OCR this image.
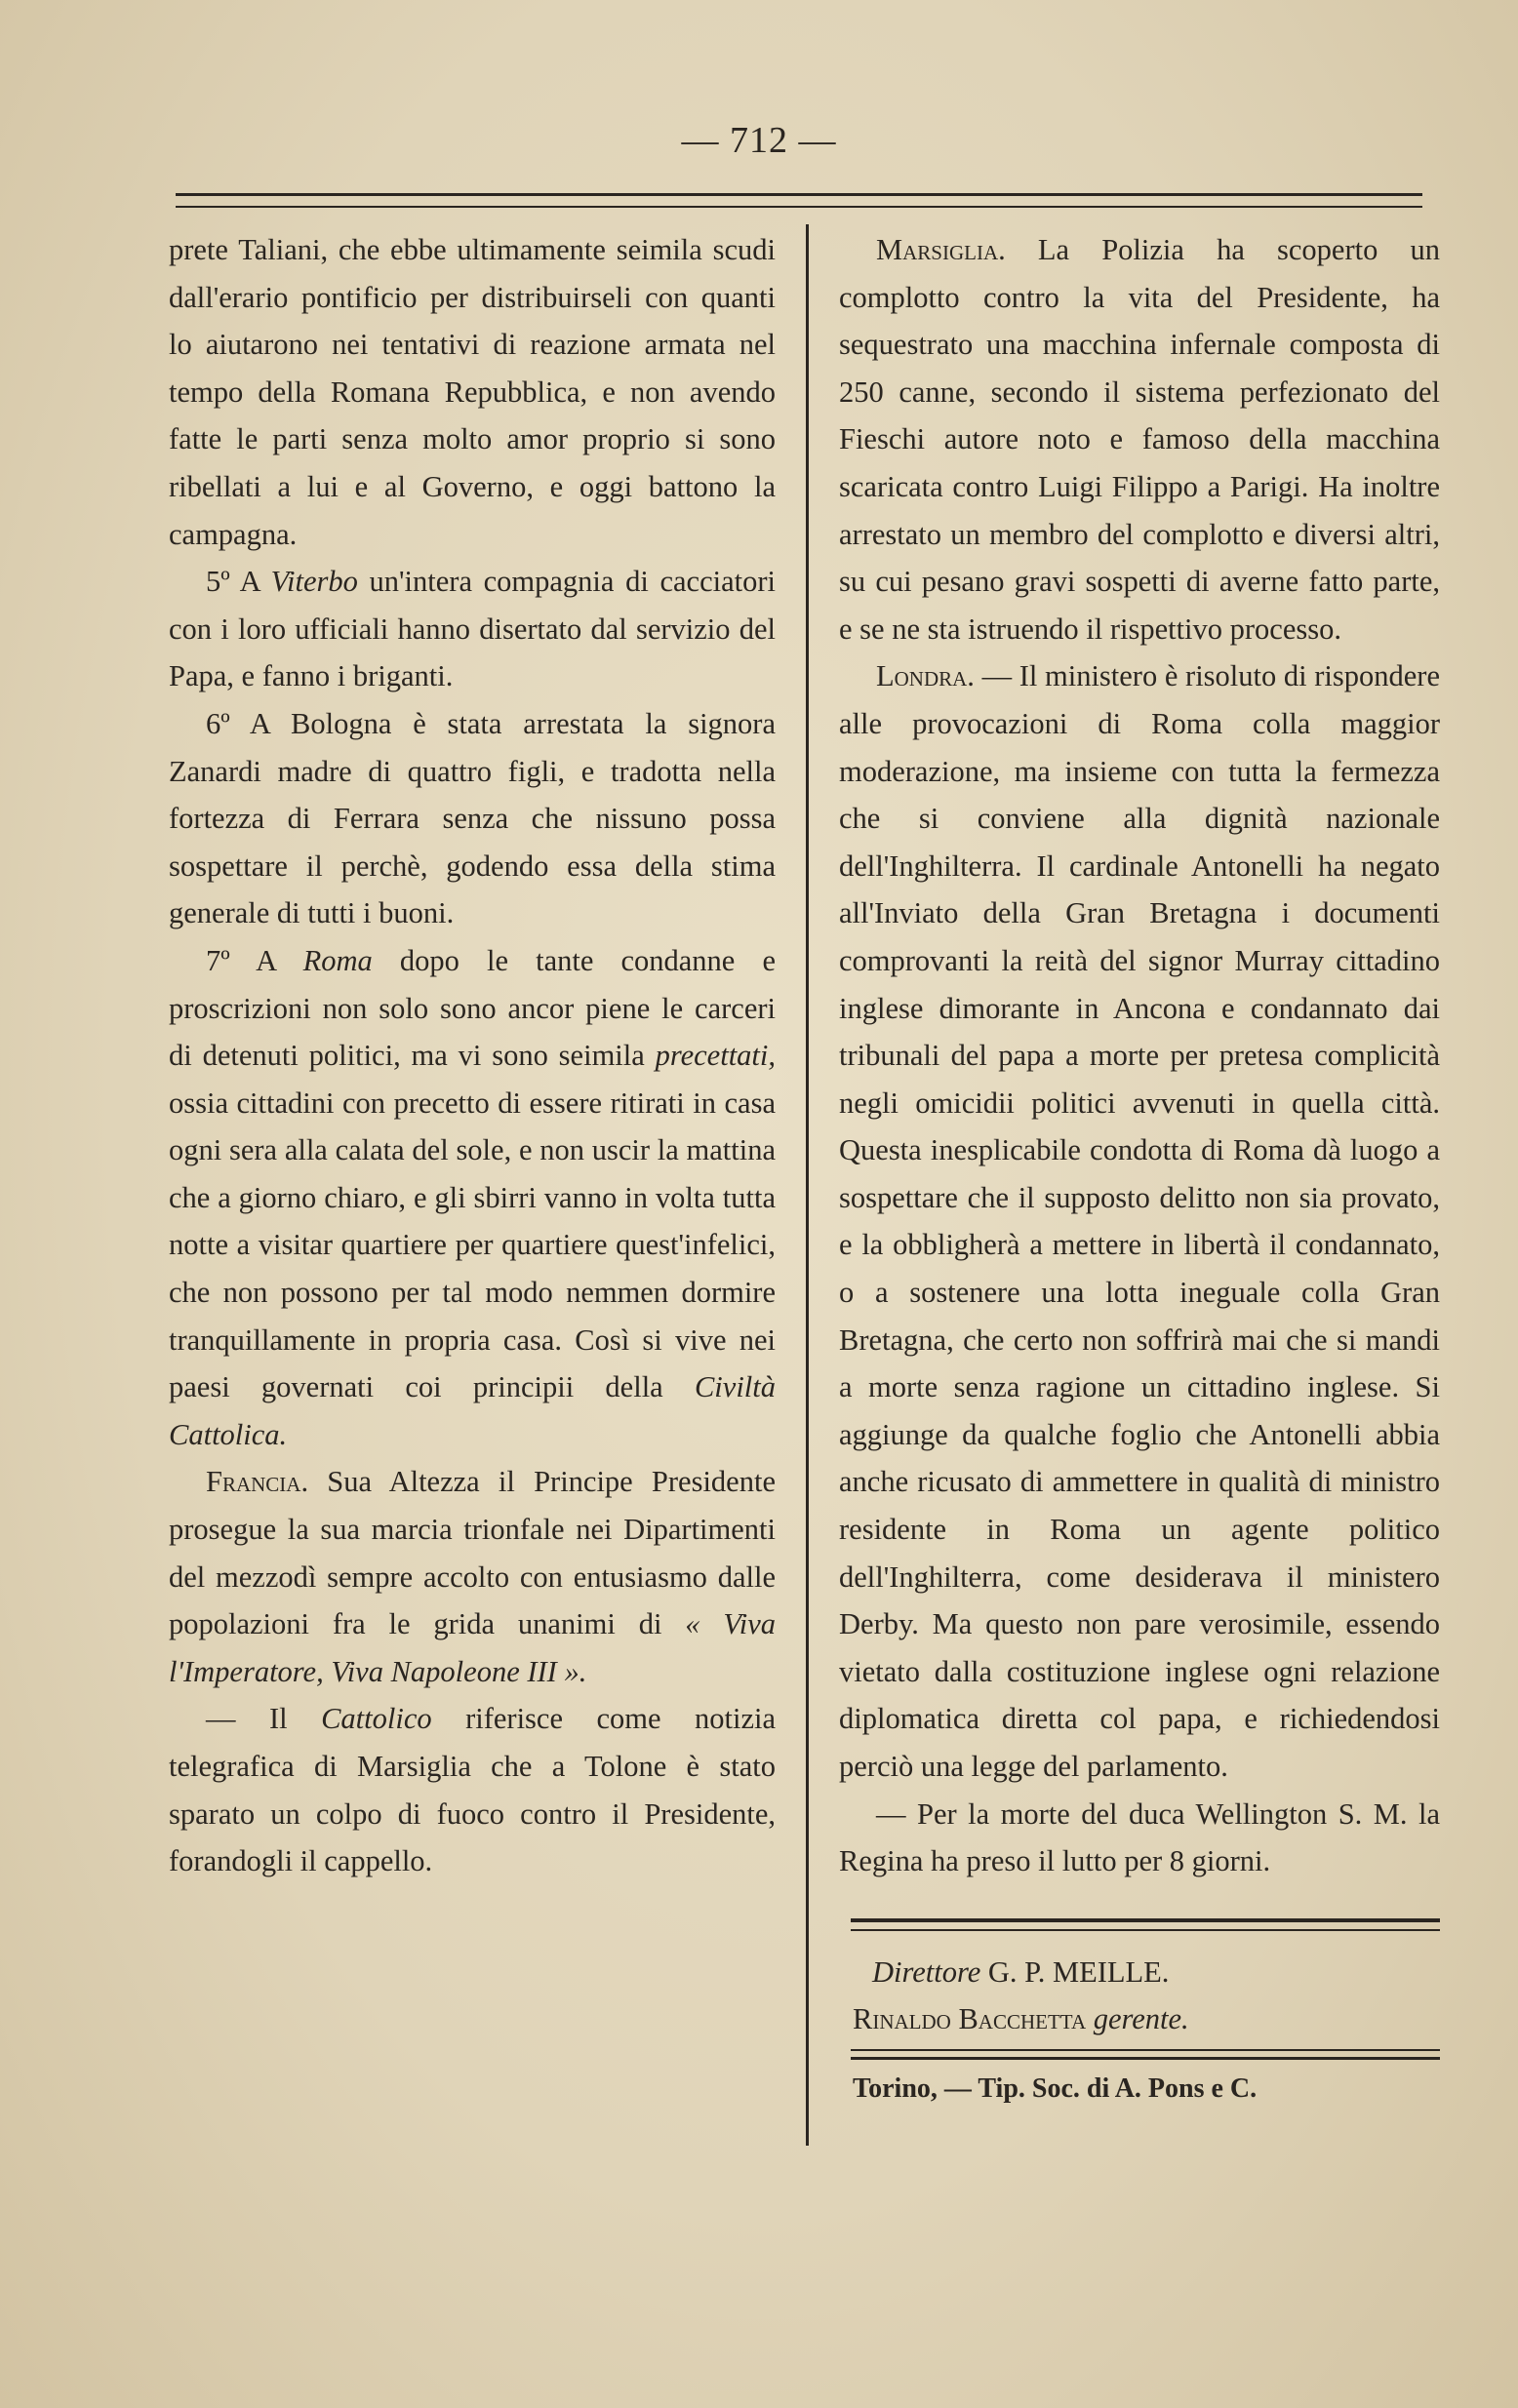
— 712 —

prete Taliani, che ebbe ultimamente seimila scudi dall'erario pontificio per distribuirseli con quanti lo aiutarono nei tentativi di reazione armata nel tempo della Romana Repubblica, e non avendo fatte le parti senza molto amor proprio si sono ribellati a lui e al Governo, e oggi battono la campagna.

5º A Viterbo un'intera compagnia di cacciatori con i loro ufficiali hanno disertato dal servizio del Papa, e fanno i briganti.

6º A Bologna è stata arrestata la signora Zanardi madre di quattro figli, e tradotta nella fortezza di Ferrara senza che nissuno possa sospettare il perchè, godendo essa della stima generale di tutti i buoni.

7º A Roma dopo le tante condanne e proscrizioni non solo sono ancor piene le carceri di detenuti politici, ma vi sono seimila precettati, ossia cittadini con precetto di essere ritirati in casa ogni sera alla calata del sole, e non uscir la mattina che a giorno chiaro, e gli sbirri vanno in volta tutta notte a visitar quartiere per quartiere quest'infelici, che non possono per tal modo nemmen dormire tranquillamente in propria casa. Così si vive nei paesi governati coi principii della Civiltà Cattolica.

Francia. Sua Altezza il Principe Presidente prosegue la sua marcia trionfale nei Dipartimenti del mezzodì sempre accolto con entusiasmo dalle popolazioni fra le grida unanimi di « Viva l'Imperatore, Viva Napoleone III ».

— Il Cattolico riferisce come notizia telegrafica di Marsiglia che a Tolone è stato sparato un colpo di fuoco contro il Presidente, forandogli il cappello.

Marsiglia. La Polizia ha scoperto un complotto contro la vita del Presidente, ha sequestrato una macchina infernale composta di 250 canne, secondo il sistema perfezionato del Fieschi autore noto e famoso della macchina scaricata contro Luigi Filippo a Parigi. Ha inoltre arrestato un membro del complotto e diversi altri, su cui pesano gravi sospetti di averne fatto parte, e se ne sta istruendo il rispettivo processo.

Londra. — Il ministero è risoluto di rispondere alle provocazioni di Roma colla maggior moderazione, ma insieme con tutta la fermezza che si conviene alla dignità nazionale dell'Inghilterra. Il cardinale Antonelli ha negato all'Inviato della Gran Bretagna i documenti comprovanti la reità del signor Murray cittadino inglese dimorante in Ancona e condannato dai tribunali del papa a morte per pretesa complicità negli omicidii politici avvenuti in quella città. Questa inesplicabile condotta di Roma dà luogo a sospettare che il supposto delitto non sia provato, e la obbligherà a mettere in libertà il condannato, o a sostenere una lotta ineguale colla Gran Bretagna, che certo non soffrirà mai che si mandi a morte senza ragione un cittadino inglese. Si aggiunge da qualche foglio che Antonelli abbia anche ricusato di ammettere in qualità di ministro residente in Roma un agente politico dell'Inghilterra, come desiderava il ministero Derby. Ma questo non pare verosimile, essendo vietato dalla costituzione inglese ogni relazione diplomatica diretta col papa, e richiedendosi perciò una legge del parlamento.

— Per la morte del duca Wellington S. M. la Regina ha preso il lutto per 8 giorni.

Direttore G. P. MEILLE.

Rinaldo Bacchetta gerente.

Torino, — Tip. Soc. di A. Pons e C.
